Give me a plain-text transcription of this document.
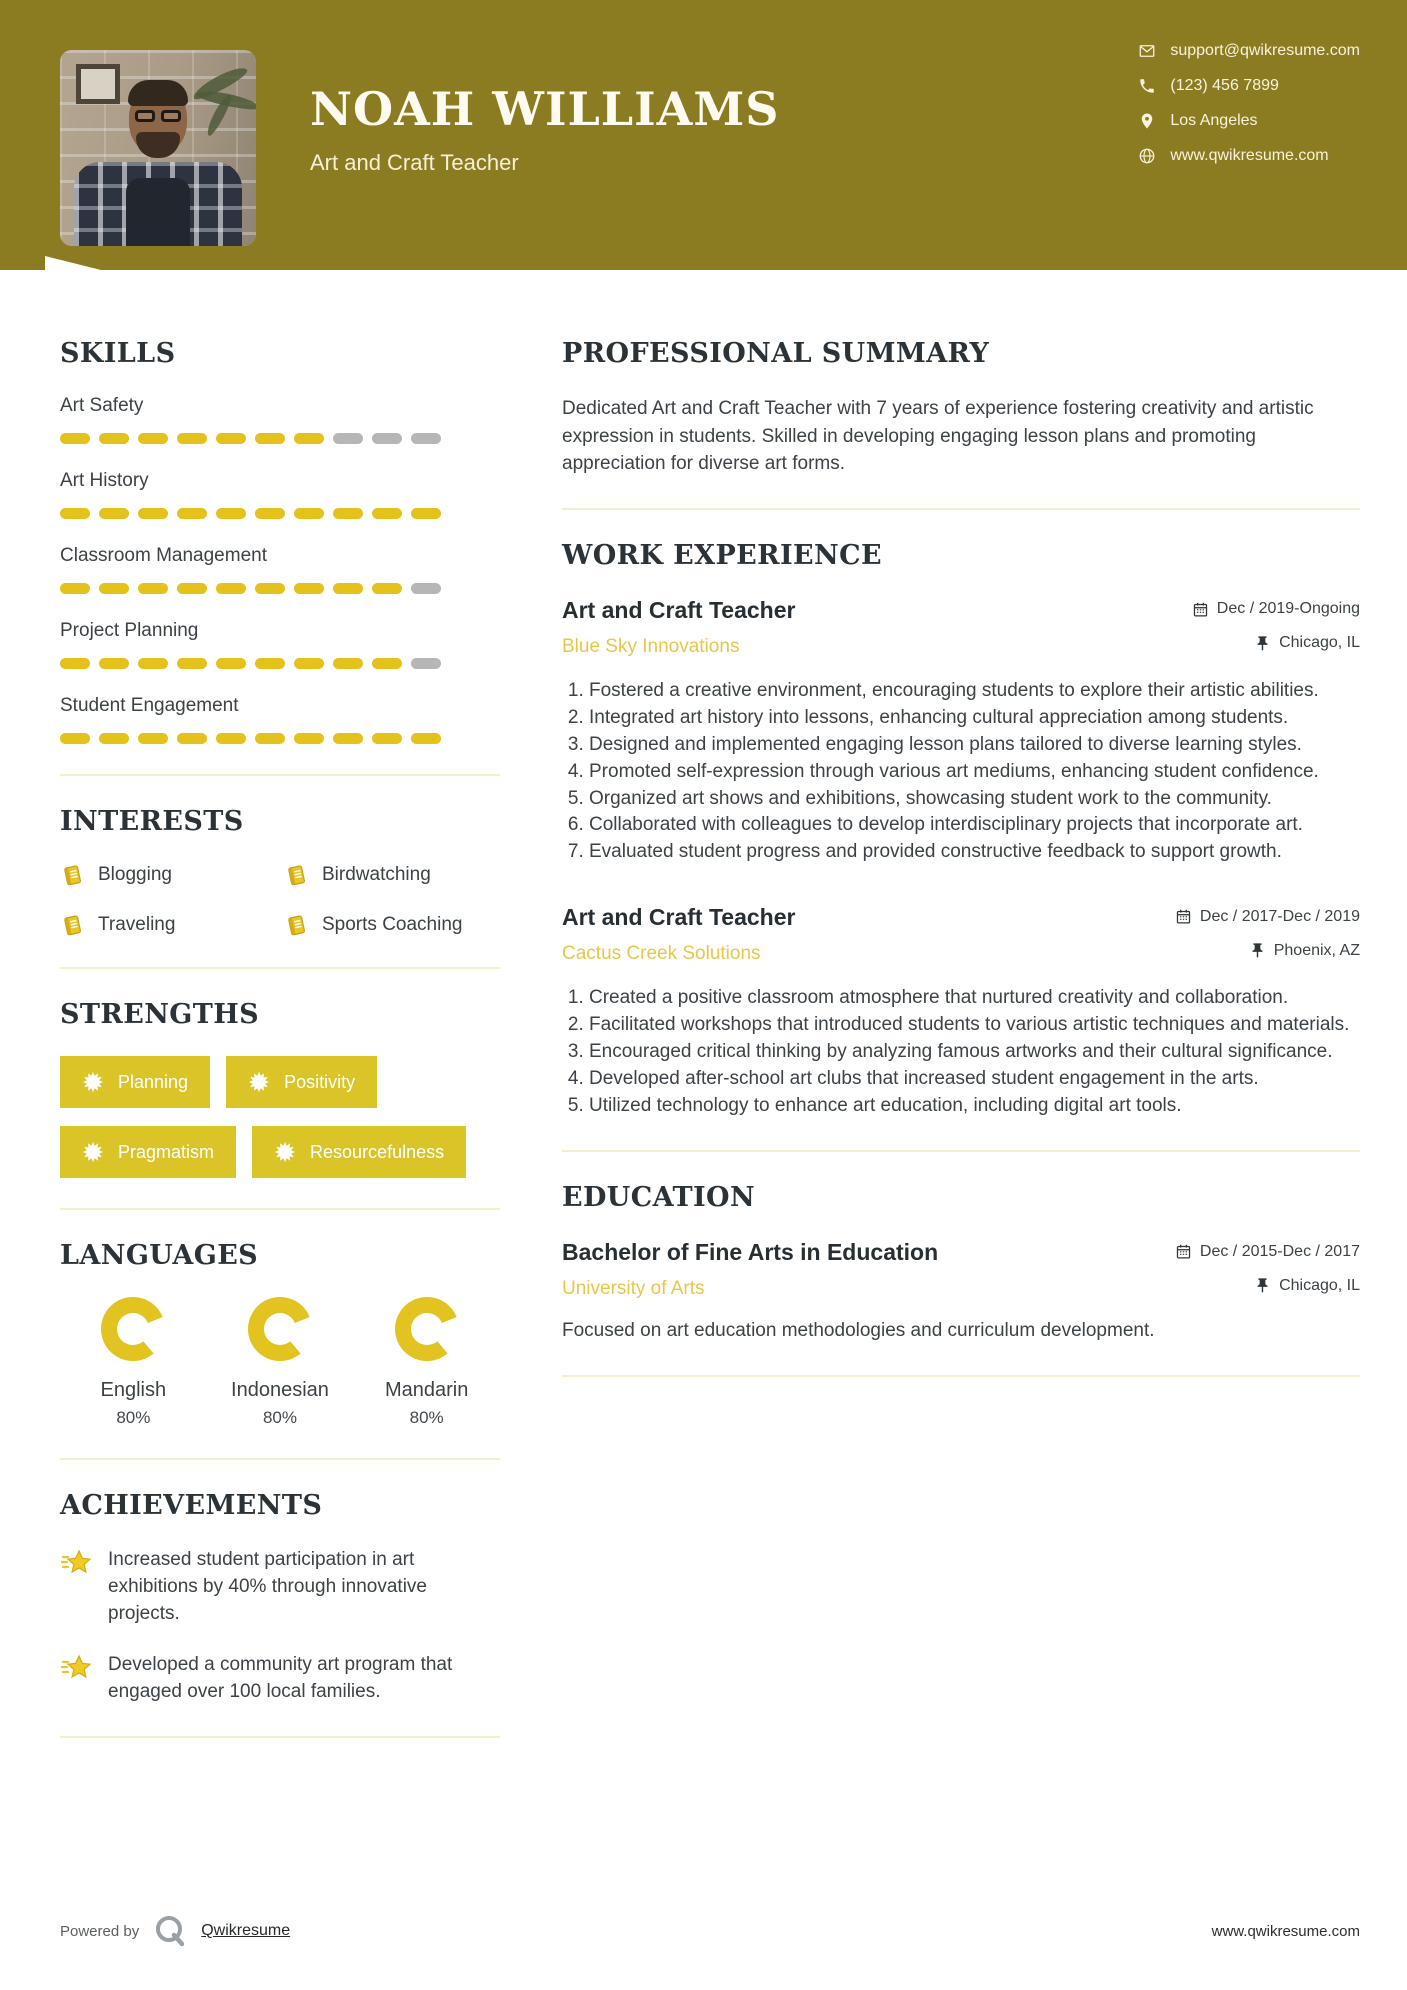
NOAH WILLIAMS
Art and Craft Teacher
support@qwikresume.com
(123) 456 7899
Los Angeles
www.qwikresume.com
SKILLS
Art Safety
Art History
Classroom Management
Project Planning
Student Engagement
INTERESTS
Blogging	Birdwatching
Traveling	Sports Coaching
STRENGTHS
Planning	Positivity
Pragmatism	Resourcefulness
LANGUAGES
English
80%
Indonesian
80%
Mandarin
80%
ACHIEVEMENTS

Increased student participation in art exhibitions by 40% through innovative projects.

Developed a community art program that engaged over 100 local families.

PROFESSIONAL SUMMARY

Dedicated Art and Craft Teacher with 7 years of experience fostering creativity and artistic expression in students. Skilled in developing engaging lesson plans and promoting appreciation for diverse art forms.

WORK EXPERIENCE
Art and Craft Teacher	Dec / 2019-Ongoing
Blue Sky Innovations	Chicago, IL
1. Fostered a creative environment, encouraging students to explore their artistic abilities.
2. Integrated art history into lessons, enhancing cultural appreciation among students.
3. Designed and implemented engaging lesson plans tailored to diverse learning styles.
4. Promoted self-expression through various art mediums, enhancing student confidence.
5. Organized art shows and exhibitions, showcasing student work to the community.
6. Collaborated with colleagues to develop interdisciplinary projects that incorporate art.
7. Evaluated student progress and provided constructive feedback to support growth.
Art and Craft Teacher	Dec / 2017-Dec / 2019
Cactus Creek Solutions	Phoenix, AZ
1. Created a positive classroom atmosphere that nurtured creativity and collaboration.
2. Facilitated workshops that introduced students to various artistic techniques and materials.
3. Encouraged critical thinking by analyzing famous artworks and their cultural significance.
4. Developed after-school art clubs that increased student engagement in the arts.
5. Utilized technology to enhance art education, including digital art tools.
EDUCATION
Bachelor of Fine Arts in Education	Dec / 2015-Dec / 2017
University of Arts	Chicago, IL

Focused on art education methodologies and curriculum development.

Powered by	Qwikresume	www.qwikresume.com
